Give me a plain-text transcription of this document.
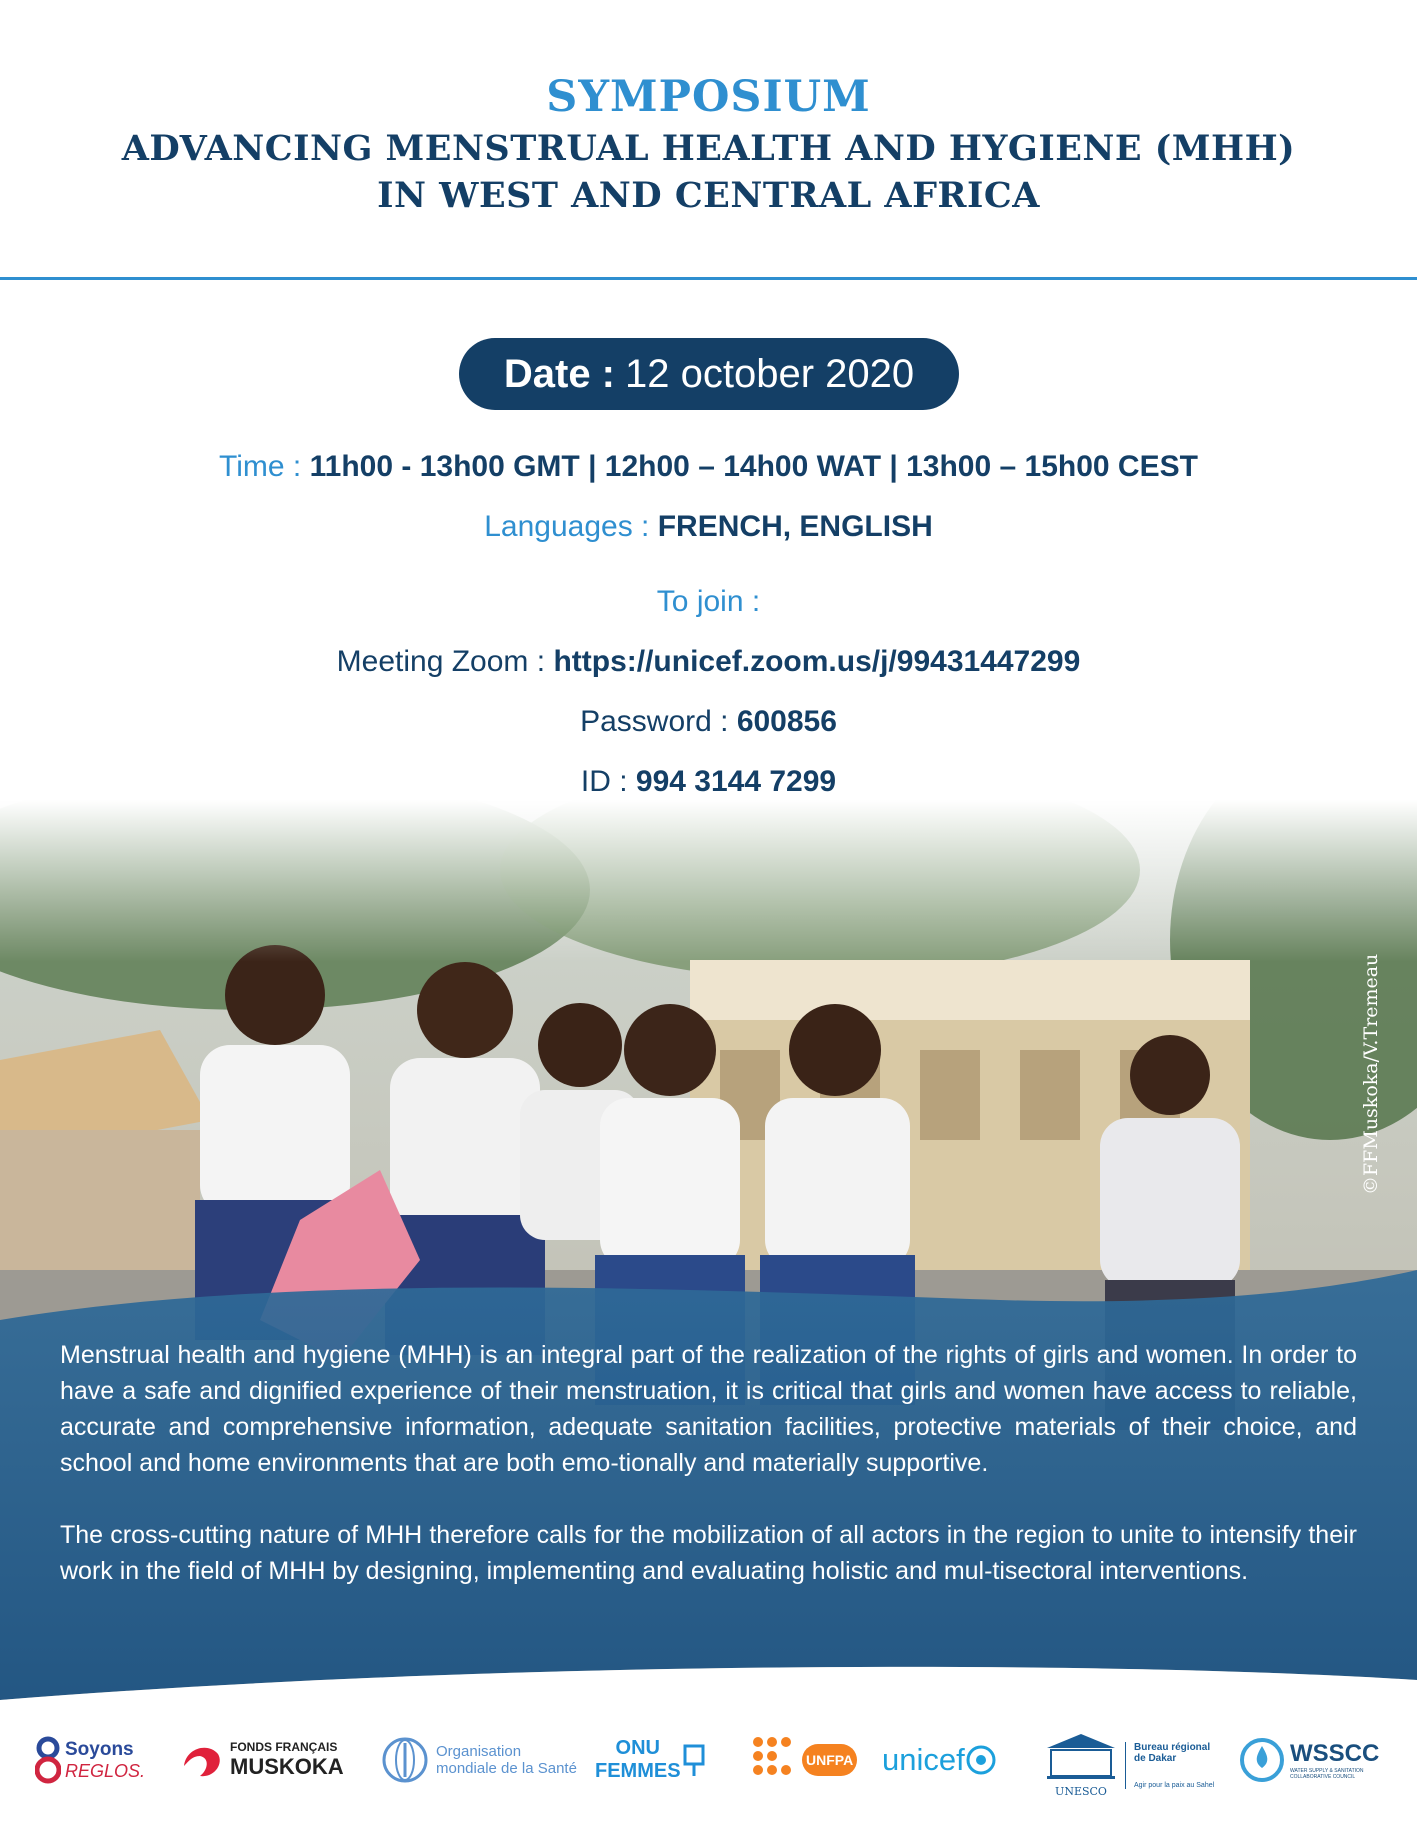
SYMPOSIUM
ADVANCING MENSTRUAL HEALTH AND HYGIENE (MHH)
IN WEST AND CENTRAL AFRICA
Date : 12 october 2020
Time : 11h00 - 13h00 GMT | 12h00 – 14h00 WAT | 13h00 – 15h00 CEST
Languages : FRENCH, ENGLISH
To join :
Meeting Zoom : https://unicef.zoom.us/j/99431447299
Password : 600856
ID : 994 3144 7299
©FFMuskoka/V.Tremeau

Menstrual health and hygiene (MHH) is an integral part of the realization of the rights of girls and women. In order to have a safe and dignified experience of their menstruation, it is critical that girls and women have access to reliable, accurate and comprehensive information, adequate sanitation facilities, protective materials of their choice, and school and home environments that are both emo-tionally and materially supportive.

The cross-cutting nature of MHH therefore calls for the mobilization of all actors in the region to unite to intensify their work in the field of MHH by designing, implementing and evaluating holistic and mul-tisectoral interventions.

Soyons
REGLOS.
FONDS FRANÇAIS
MUSKOKA
Organisation
mondiale de la Santé
ONU
FEMMES	UNFPA unicef
UNESCO
Bureau régional
de Dakar
Agir pour la paix au Sahel
WSSCC
WATER SUPPLY & SANITATION
COLLABORATIVE COUNCIL
